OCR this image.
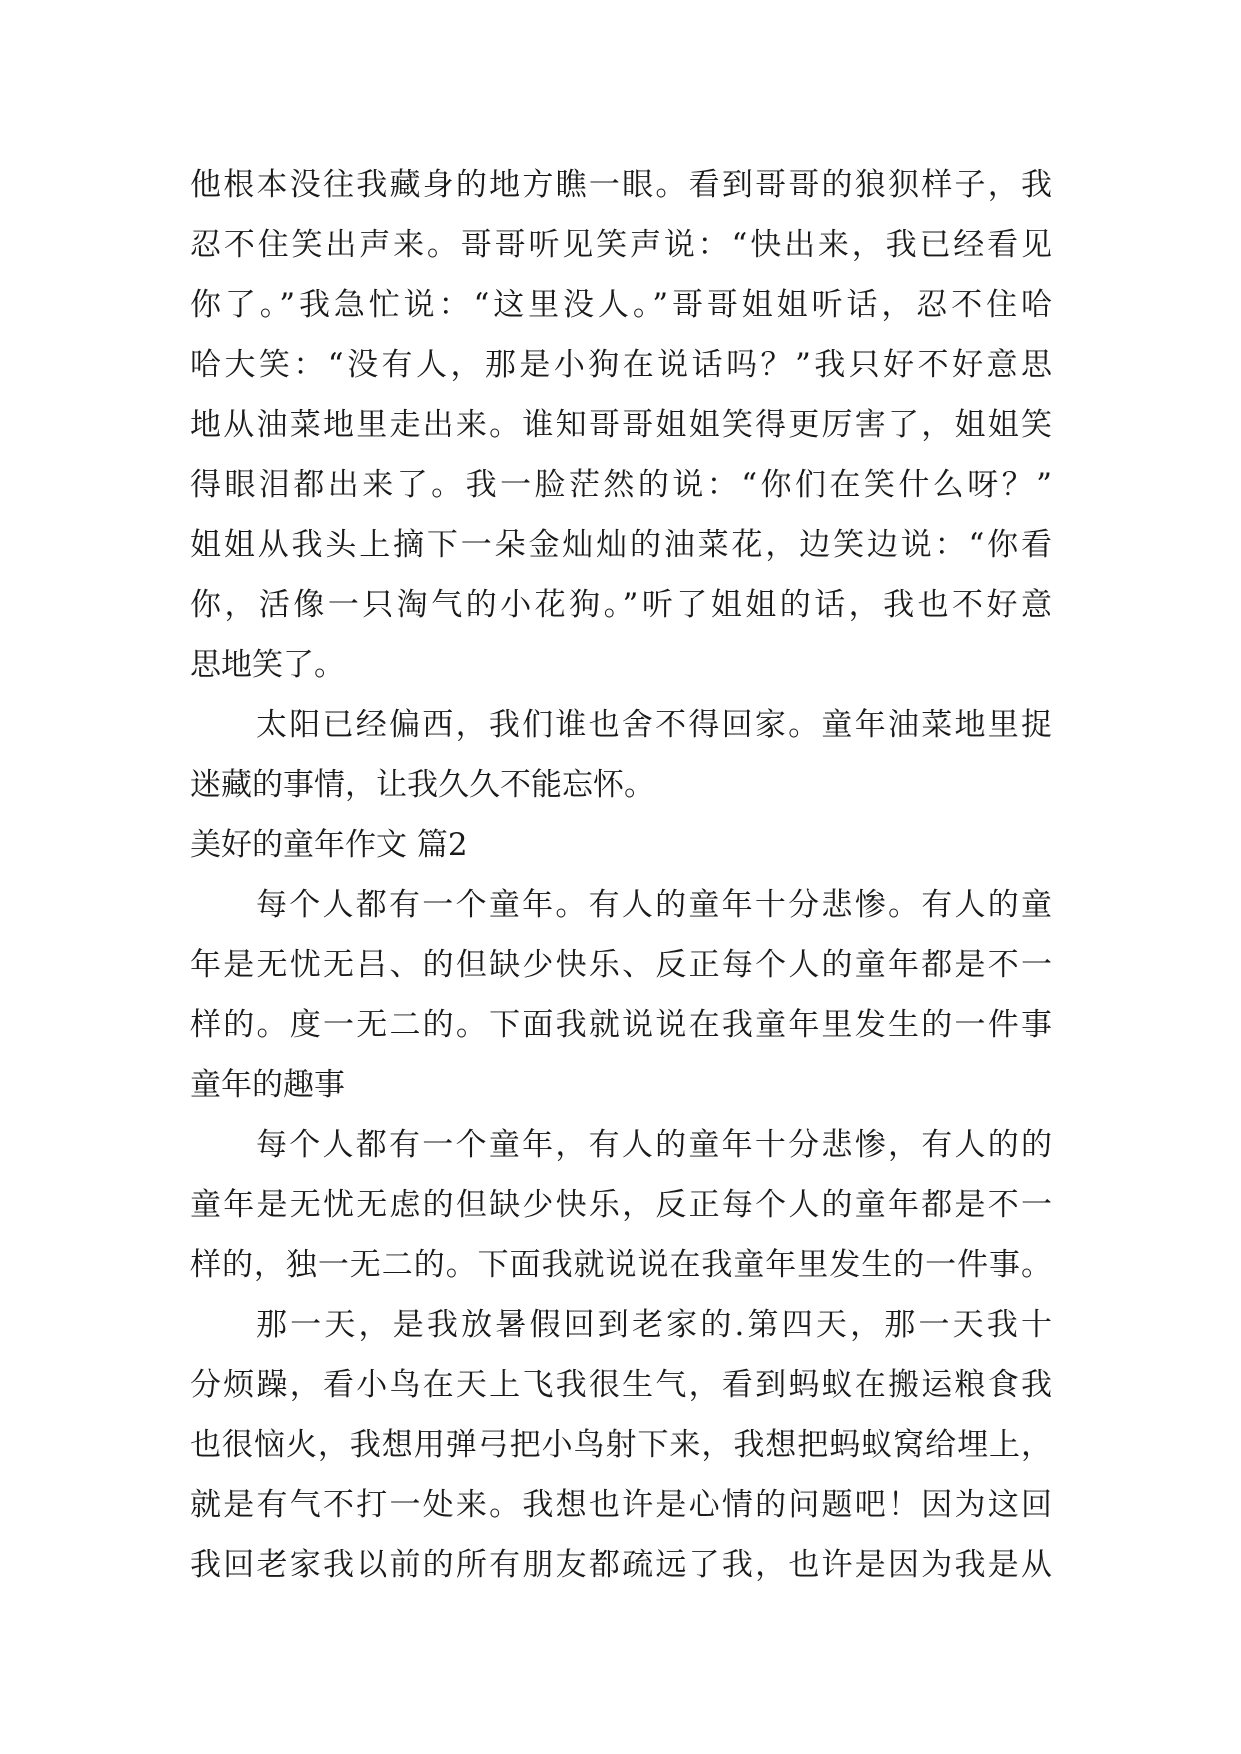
他根本没往我藏身的地方瞧一眼。看到哥哥的狼狈样子，我
忍不住笑出声来。哥哥听见笑声说：“快出来，我已经看见
你了。”我急忙说：“这里没人。”哥哥姐姐听话，忍不住哈
哈大笑：“没有人，那是小狗在说话吗？”我只好不好意思
地从油菜地里走出来。谁知哥哥姐姐笑得更厉害了，姐姐笑
得眼泪都出来了。我一脸茫然的说：“你们在笑什么呀？”
姐姐从我头上摘下一朵金灿灿的油菜花，边笑边说：“你看
你，活像一只淘气的小花狗。”听了姐姐的话，我也不好意
思地笑了。
太阳已经偏西，我们谁也舍不得回家。童年油菜地里捉
迷藏的事情，让我久久不能忘怀。
美好的童年作文 篇2
每个人都有一个童年。有人的童年十分悲惨。有人的童
年是无忧无吕、的但缺少快乐、反正每个人的童年都是不一
样的。度一无二的。下面我就说说在我童年里发生的一件事
童年的趣事
每个人都有一个童年，有人的童年十分悲惨，有人的的
童年是无忧无虑的但缺少快乐，反正每个人的童年都是不一
样的，独一无二的。下面我就说说在我童年里发生的一件事。
那一天，是我放暑假回到老家的.第四天，那一天我十
分烦躁，看小鸟在天上飞我很生气，看到蚂蚁在搬运粮食我
也很恼火，我想用弹弓把小鸟射下来，我想把蚂蚁窝给埋上，
就是有气不打一处来。我想也许是心情的问题吧！因为这回
我回老家我以前的所有朋友都疏远了我，也许是因为我是从
